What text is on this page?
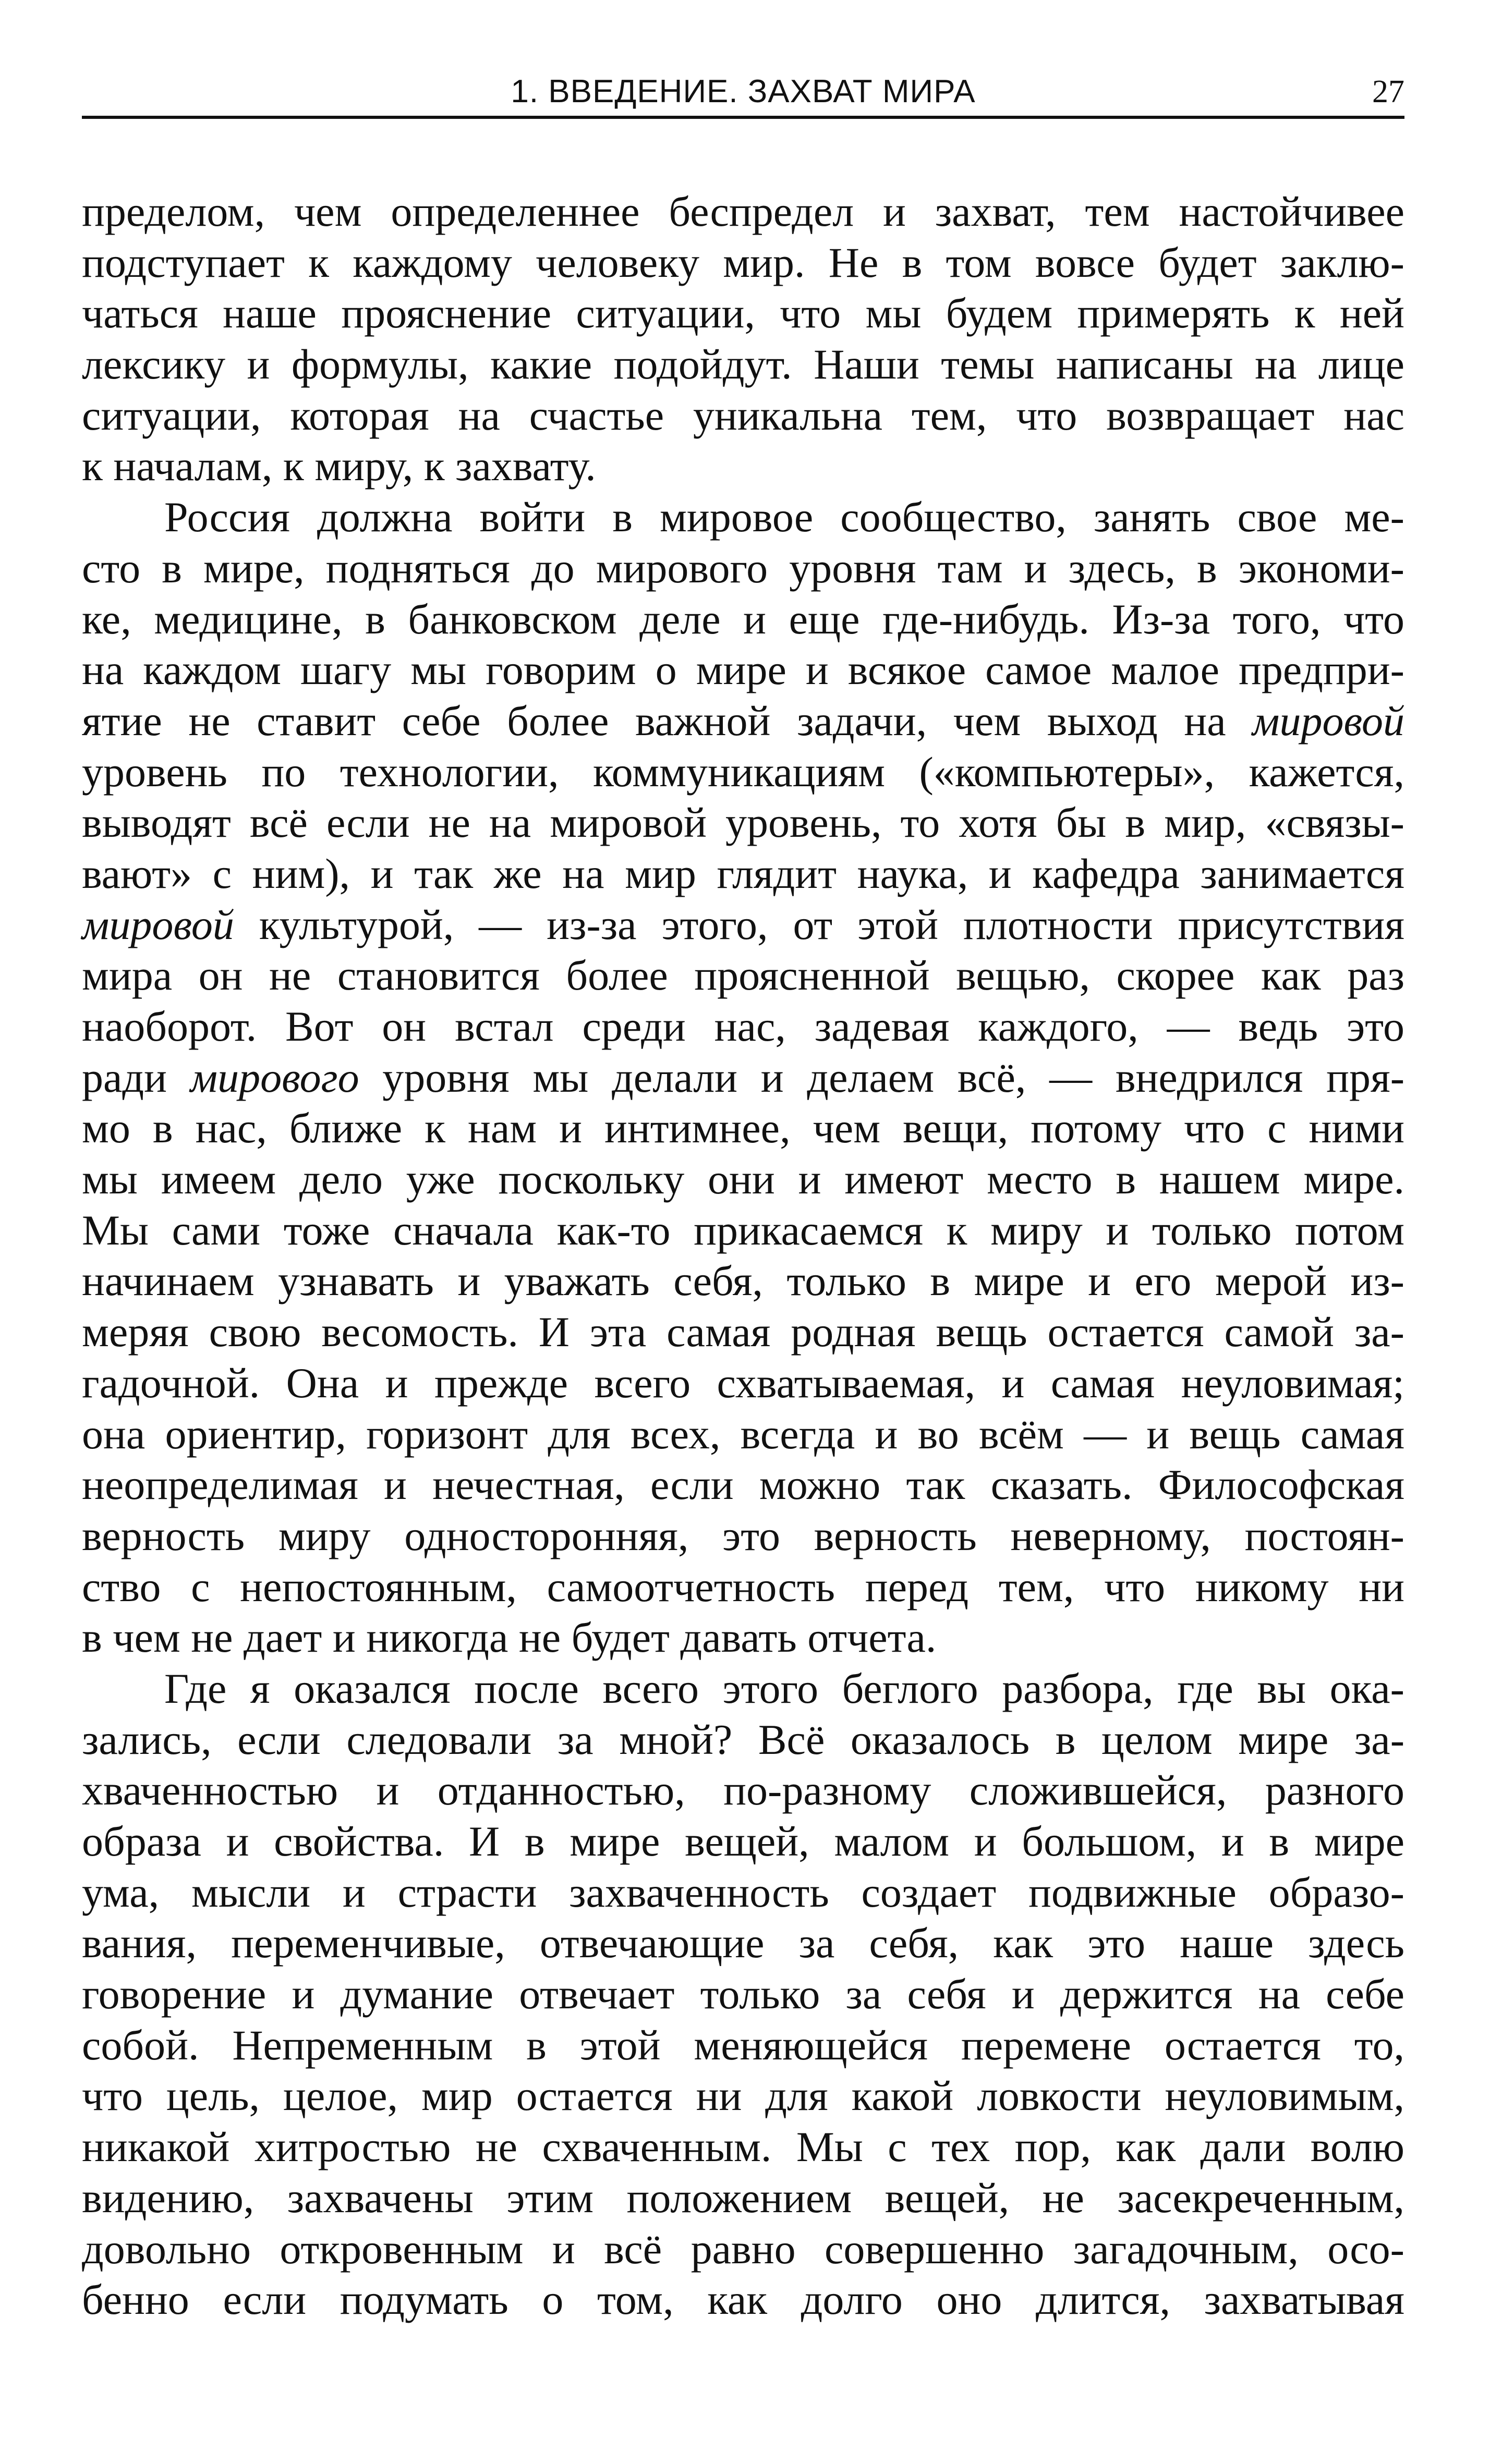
1. ВВЕДЕНИЕ. ЗАХВАТ МИРА	27
пределом, чем определеннее беспредел и захват, тем настойчивее
подступает к каждому человеку мир. Не в том вовсе будет заклю-
чаться наше прояснение ситуации, что мы будем примерять к ней
лексику и формулы, какие подойдут. Наши темы написаны на лице
ситуации, которая на счастье уникальна тем, что возвращает нас
к началам, к миру, к захвату.
Россия должна войти в мировое сообщество, занять свое ме-
сто в мире, подняться до мирового уровня там и здесь, в экономи-
ке, медицине, в банковском деле и еще где-нибудь. Из-за того, что
на каждом шагу мы говорим о мире и всякое самое малое предпри-
ятие не ставит себе более важной задачи, чем выход на мировой
уровень по технологии, коммуникациям («компьютеры», кажется,
выводят всё если не на мировой уровень, то хотя бы в мир, «связы-
вают» с ним), и так же на мир глядит наука, и кафедра занимается
мировой культурой, — из-за этого, от этой плотности присутствия
мира он не становится более проясненной вещью, скорее как раз
наоборот. Вот он встал среди нас, задевая каждого, — ведь это
ради мирового уровня мы делали и делаем всё, — внедрился пря-
мо в нас, ближе к нам и интимнее, чем вещи, потому что с ними
мы имеем дело уже поскольку они и имеют место в нашем мире.
Мы сами тоже сначала как-то прикасаемся к миру и только потом
начинаем узнавать и уважать себя, только в мире и его мерой из-
меряя свою весомость. И эта самая родная вещь остается самой за-
гадочной. Она и прежде всего схватываемая, и самая неуловимая;
она ориентир, горизонт для всех, всегда и во всём — и вещь самая
неопределимая и нечестная, если можно так сказать. Философская
верность миру односторонняя, это верность неверному, постоян-
ство с непостоянным, самоотчетность перед тем, что никому ни
в чем не дает и никогда не будет давать отчета.
Где я оказался после всего этого беглого разбора, где вы ока-
зались, если следовали за мной? Всё оказалось в целом мире за-
хваченностью и отданностью, по-разному сложившейся, разного
образа и свойства. И в мире вещей, малом и большом, и в мире
ума, мысли и страсти захваченность создает подвижные образо-
вания, переменчивые, отвечающие за себя, как это наше здесь
говорение и думание отвечает только за себя и держится на себе
собой. Непременным в этой меняющейся перемене остается то,
что цель, целое, мир остается ни для какой ловкости неуловимым,
никакой хитростью не схваченным. Мы с тех пор, как дали волю
видению, захвачены этим положением вещей, не засекреченным,
довольно откровенным и всё равно совершенно загадочным, осо-
бенно если подумать о том, как долго оно длится, захватывая
